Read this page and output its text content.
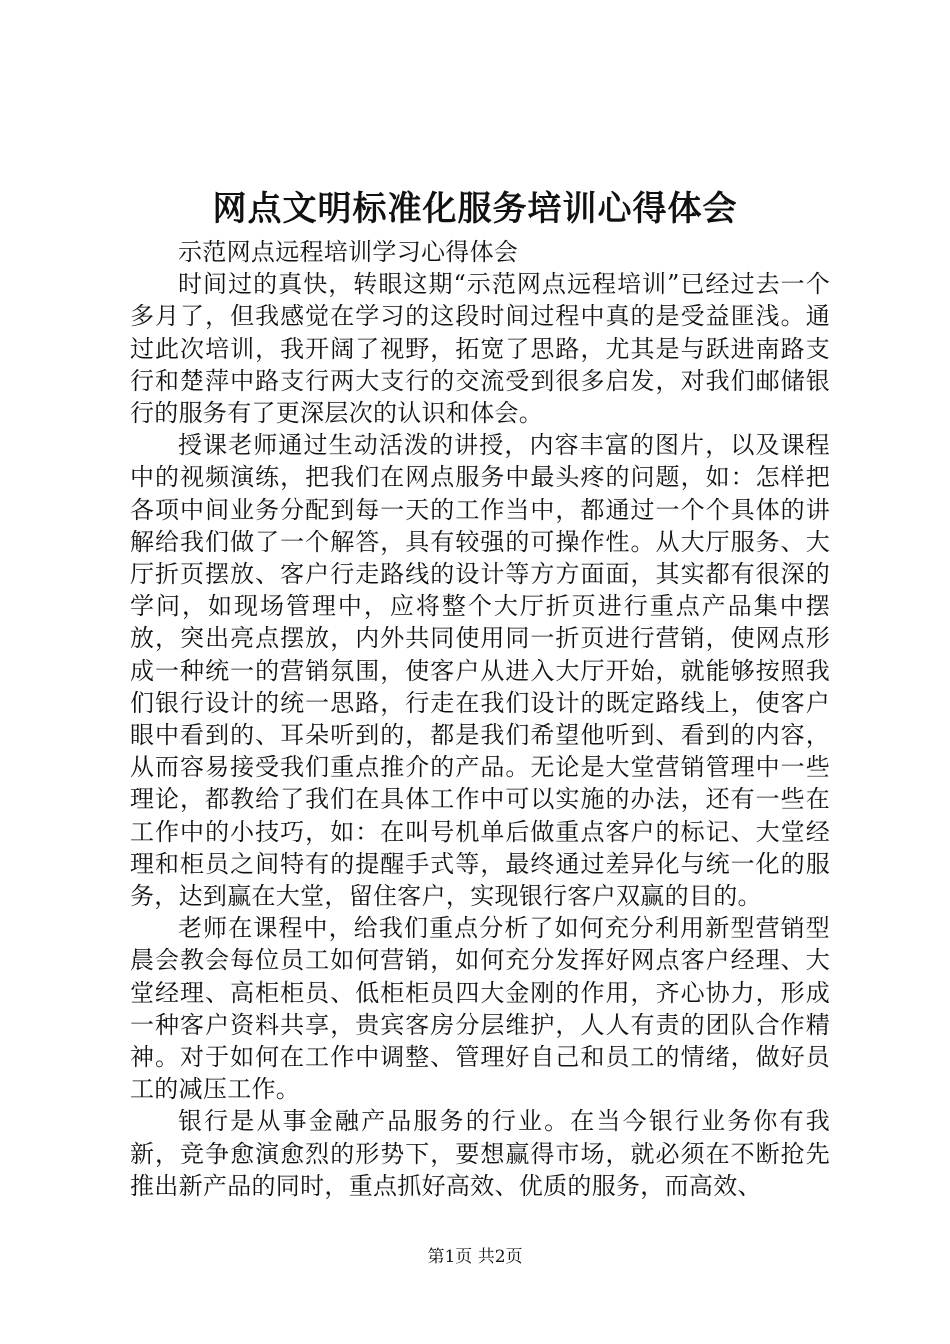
网点文明标准化服务培训心得体会

示范网点远程培训学习心得体会

时间过的真快，转眼这期“示范网点远程培训”已经过去一个多月了，但我感觉在学习的这段时间过程中真的是受益匪浅。通过此次培训，我开阔了视野，拓宽了思路，尤其是与跃进南路支行和楚萍中路支行两大支行的交流受到很多启发，对我们邮储银行的服务有了更深层次的认识和体会。

授课老师通过生动活泼的讲授，内容丰富的图片，以及课程中的视频演练，把我们在网点服务中最头疼的问题，如：怎样把各项中间业务分配到每一天的工作当中，都通过一个个具体的讲解给我们做了一个解答，具有较强的可操作性。从大厅服务、大厅折页摆放、客户行走路线的设计等方方面面，其实都有很深的学问，如现场管理中，应将整个大厅折页进行重点产品集中摆放，突出亮点摆放，内外共同使用同一折页进行营销，使网点形成一种统一的营销氛围，使客户从进入大厅开始，就能够按照我们银行设计的统一思路，行走在我们设计的既定路线上，使客户眼中看到的、耳朵听到的，都是我们希望他听到、看到的内容，从而容易接受我们重点推介的产品。无论是大堂营销管理中一些理论，都教给了我们在具体工作中可以实施的办法，还有一些在工作中的小技巧，如：在叫号机单后做重点客户的标记、大堂经理和柜员之间特有的提醒手式等，最终通过差异化与统一化的服务，达到赢在大堂，留住客户，实现银行客户双赢的目的。

老师在课程中，给我们重点分析了如何充分利用新型营销型晨会教会每位员工如何营销，如何充分发挥好网点客户经理、大堂经理、高柜柜员、低柜柜员四大金刚的作用，齐心协力，形成一种客户资料共享，贵宾客房分层维护，人人有责的团队合作精神。对于如何在工作中调整、管理好自己和员工的情绪，做好员工的减压工作。

银行是从事金融产品服务的行业。在当今银行业务你有我新，竞争愈演愈烈的形势下，要想赢得市场，就必须在不断抢先推出新产品的同时，重点抓好高效、优质的服务，而高效、

第1页 共2页
